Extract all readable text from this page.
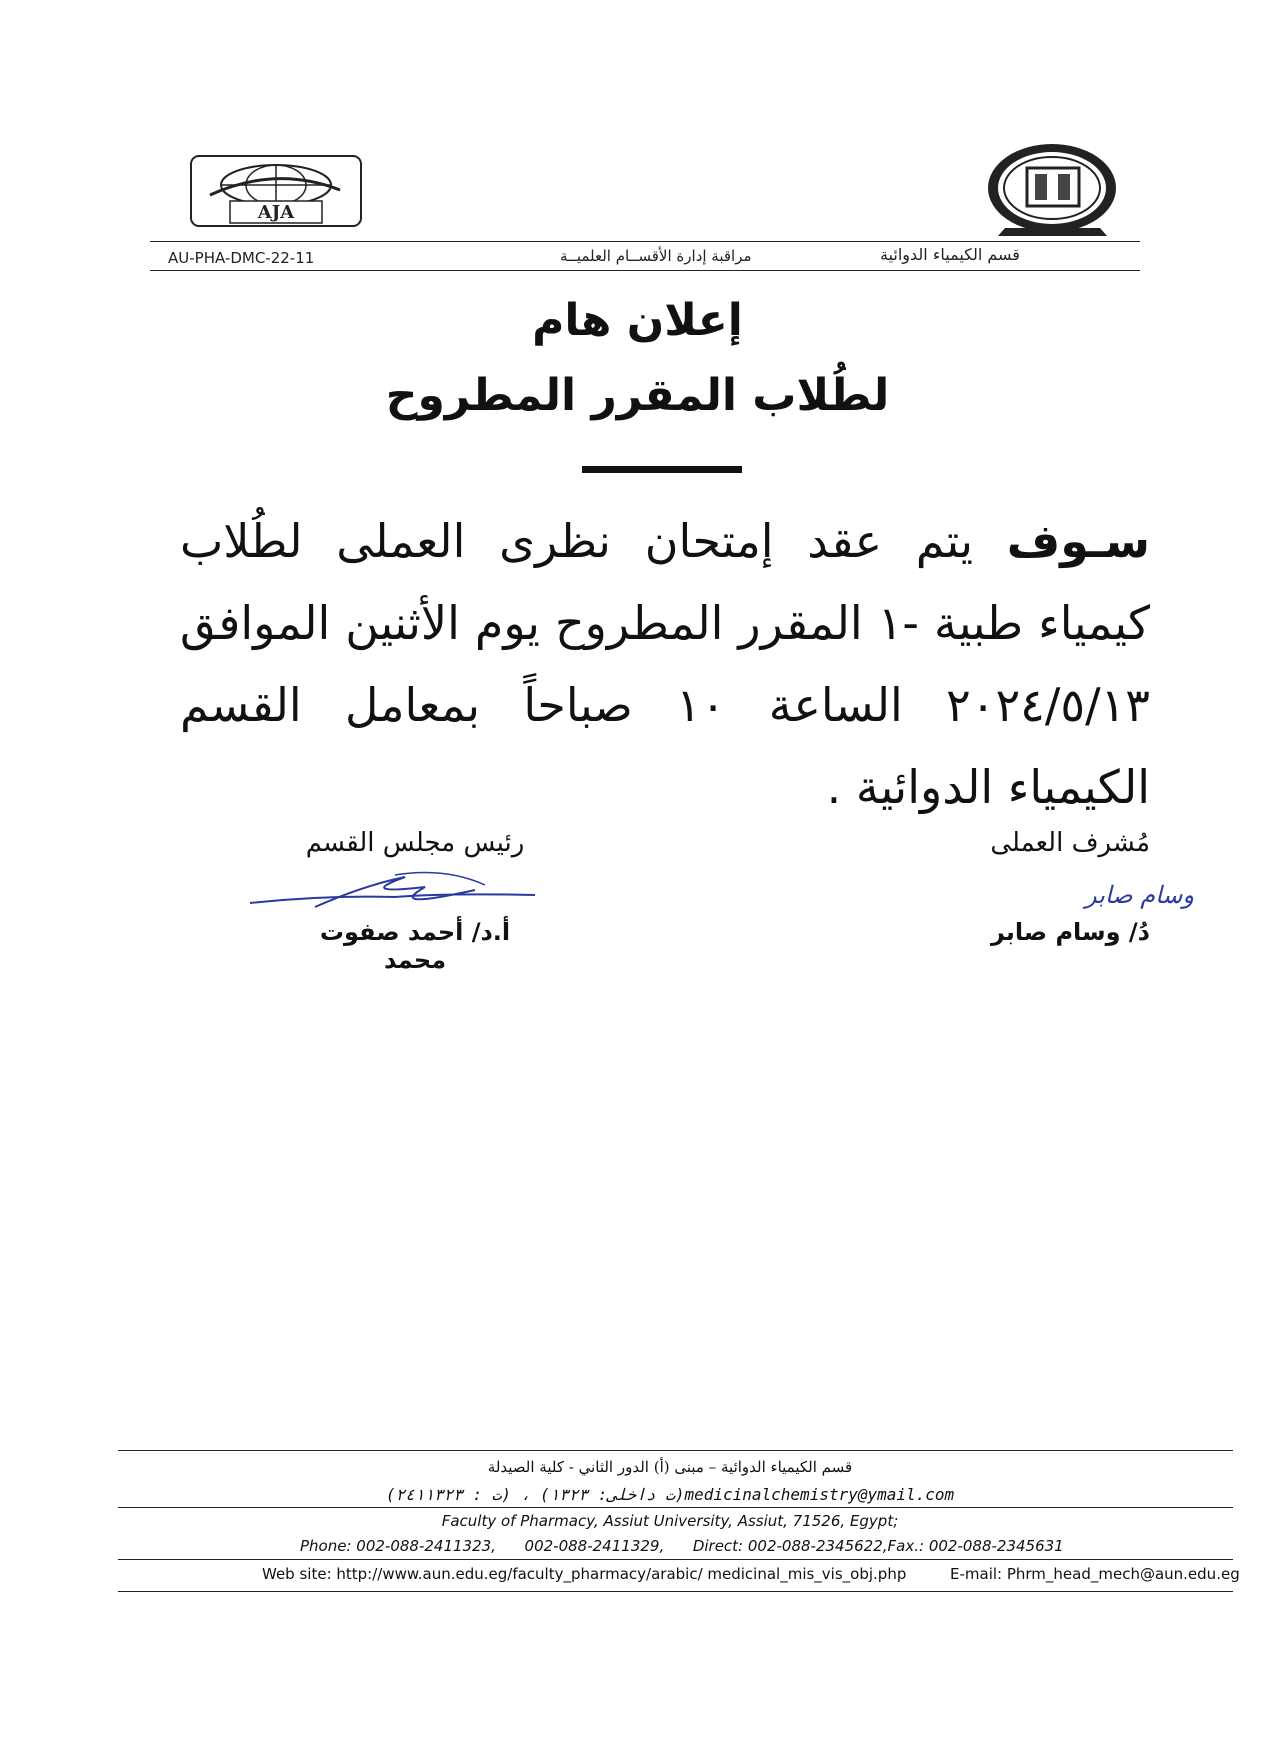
AJA
AU-PHA-DMC-22-11	مراقبة إدارة الأقســام العلميــة	قسم الكيمياء الدوائية
إعلان هام
لطُلاب المقرر المطروح
سـوف يتم عقد إمتحان نظرى العملى لطُلاب كيمياء طبية -١ المقرر المطروح يوم الأثنين الموافق ٢٠٢٤/٥/١٣ الساعة ١٠ صباحاً بمعامل القسم الكيمياء الدوائية .
رئيس مجلس القسم
أ.د/ أحمد صفوت محمد
مُشرف العملى
وسام صابر
دُ/ وسام صابر
قسم الكيمياء الدوائية – مبنى (أ) الدور الثاني - كلية الصيدلة
(ت : ٢٤١١٣٢٣) ، (ت داخلى: ١٣٢٣)medicinalchemistry@ymail.com
Faculty of Pharmacy, Assiut University, Assiut, 71526, Egypt;
Phone: 002-088-2411323,      002-088-2411329,      Direct: 002-088-2345622,Fax.: 002-088-2345631
Web site: http://www.aun.edu.eg/faculty_pharmacy/arabic/ medicinal_mis_vis_obj.php	E-mail: Phrm_head_mech@aun.edu.eg
